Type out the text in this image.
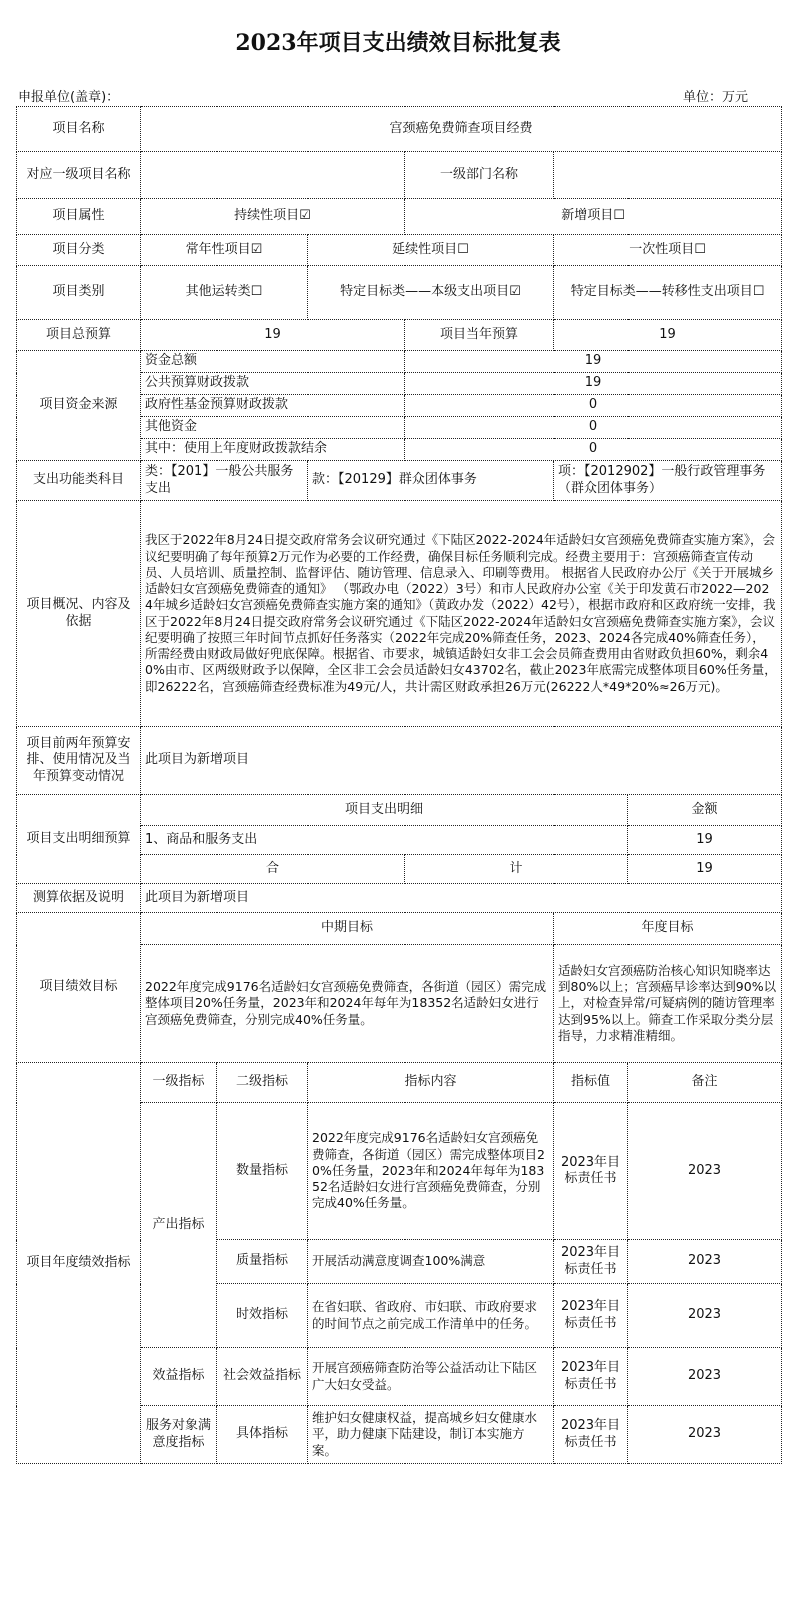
2023年项目支出绩效目标批复表
申报单位(盖章)：	单位：万元
项目名称	宫颈癌免费筛查项目经费					
对应一级项目名称				一级部门名称		
项目属性	持续性项目☑			新增项目☐		
项目分类	常年性项目☑		延续性项目☐		一次性项目☐	
项目类别	其他运转类☐		特定目标类——本级支出项目☑		特定目标类——转移性支出项目☐	
项目总预算	19			项目当年预算	19	
项目资金来源	资金总额			19		
	公共预算财政拨款			19		
	政府性基金预算财政拨款			0		
	其他资金			0		
	其中：使用上年度财政拨款结余			0		
支出功能类科目	类：【201】一般公共服务支出		款：【20129】群众团体事务		项：【2012902】一般行政管理事务（群众团体事务）	
项目概况、内容及依据	我区于2022年8月24日提交政府常务会议研究通过《下陆区2022-2024年适龄妇女宫颈癌免费筛查实施方案》，会议纪要明确了每年预算2万元作为必要的工作经费，确保目标任务顺利完成。经费主要用于：宫颈癌筛查宣传动员、人员培训、质量控制、监督评估、随访管理、信息录入、印刷等费用。 根据省人民政府办公厅《关于开展城乡适龄妇女宫颈癌免费筛查的通知》 （鄂政办电（2022）3号）和市人民政府办公室《关于印发黄石市2022—2024年城乡适龄妇女宫颈癌免费筛查实施方案的通知》（黄政办发（2022）42号），根据市政府和区政府统一安排，我区于2022年8月24日提交政府常务会议研究通过《下陆区2022-2024年适龄妇女宫颈癌免费筛查实施方案》，会议纪要明确了按照三年时间节点抓好任务落实（2022年完成20%筛查任务，2023、2024各完成40%筛查任务），所需经费由财政局做好兜底保障。根据省、市要求，城镇适龄妇女非工会会员筛查费用由省财政负担60%，剩余40%由市、区两级财政予以保障，全区非工会会员适龄妇女43702名，截止2023年底需完成整体项目60%任务量，即26222名，宫颈癌筛查经费标准为49元/人，共计需区财政承担26万元(26222人*49*20%≈26万元)。					
项目前两年预算安排、使用情况及当年预算变动情况	此项目为新增项目					
项目支出明细预算	项目支出明细					金额
	1、商品和服务支出					19
	合			计		19
测算依据及说明	此项目为新增项目					
项目绩效目标	中期目标				年度目标	
	2022年度完成9176名适龄妇女宫颈癌免费筛查，各街道（园区）需完成整体项目20%任务量，2023年和2024年每年为18352名适龄妇女进行宫颈癌免费筛查，分别完成40%任务量。				适龄妇女宫颈癌防治核心知识知晓率达到80%以上；宫颈癌早诊率达到90%以上，对检查异常/可疑病例的随访管理率达到95%以上。筛查工作采取分类分层指导，力求精准精细。	
项目年度绩效指标	一级指标	二级指标	指标内容		指标值	备注
	产出指标	数量指标	2022年度完成9176名适龄妇女宫颈癌免费筛查，各街道（园区）需完成整体项目20%任务量，2023年和2024年每年为18352名适龄妇女进行宫颈癌免费筛查，分别完成40%任务量。		2023年目标责任书	2023
		质量指标	开展活动满意度调查100%满意		2023年目标责任书	2023
		时效指标	在省妇联、省政府、市妇联、市政府要求的时间节点之前完成工作清单中的任务。		2023年目标责任书	2023
	效益指标	社会效益指标	开展宫颈癌筛查防治等公益活动让下陆区广大妇女受益。		2023年目标责任书	2023
	服务对象满意度指标	具体指标	维护妇女健康权益，提高城乡妇女健康水平，助力健康下陆建设，制订本实施方案。		2023年目标责任书	2023
